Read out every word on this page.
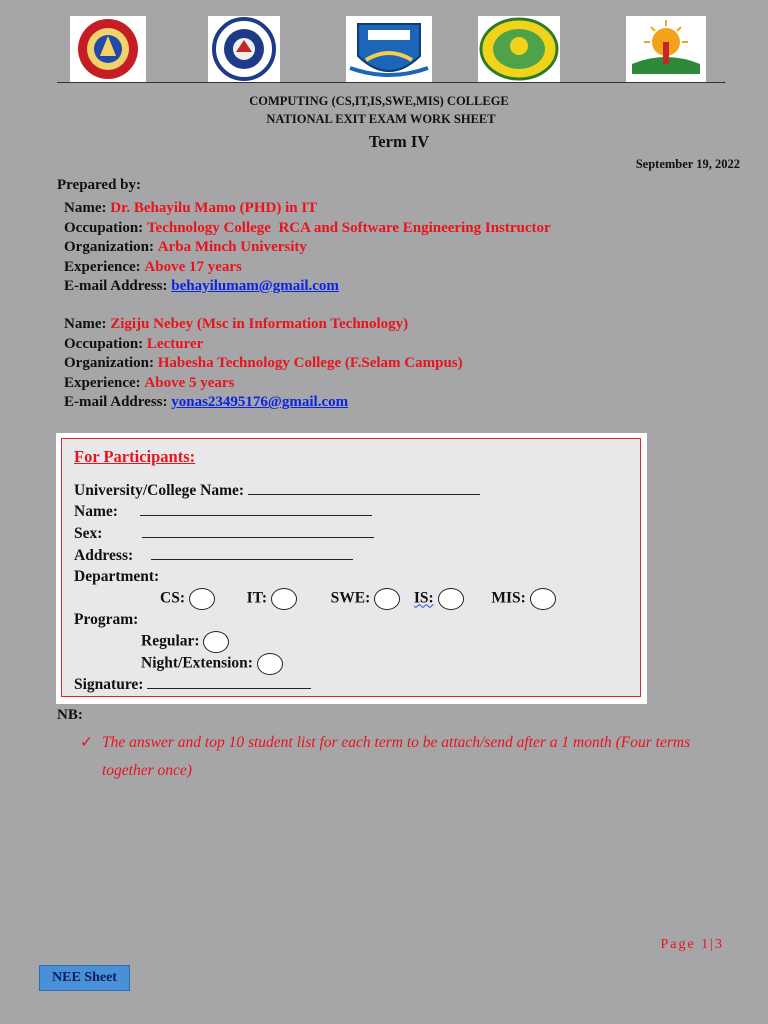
.
COMPUTING (CS,IT,IS,SWE,MIS) COLLEGE
NATIONAL EXIT EXAM WORK SHEET
Term IV
September 19, 2022
Prepared by:
Name: Dr. Behayilu Mamo (PHD) in IT
Occupation: Technology College  RCA and Software Engineering Instructor
Organization: Arba Minch University
Experience: Above 17 years
E-mail Address: behayilumam@gmail.com
Name: Zigiju Nebey (Msc in Information Technology)
Occupation: Lecturer
Organization: Habesha Technology College (F.Selam Campus)
Experience: Above 5 years
E-mail Address: yonas23495176@gmail.com
For Participants:
University/College Name:
Name:
Sex:
Address:
Department:
CS:	IT:	SWE:	IS:	MIS:
Program:
Regular:
Night/Extension:
Signature:
NB:
✓ The answer and top 10 student list for each term to be attach/send after a 1 month (Four terms together once)
Page 1|3
NEE Sheet
